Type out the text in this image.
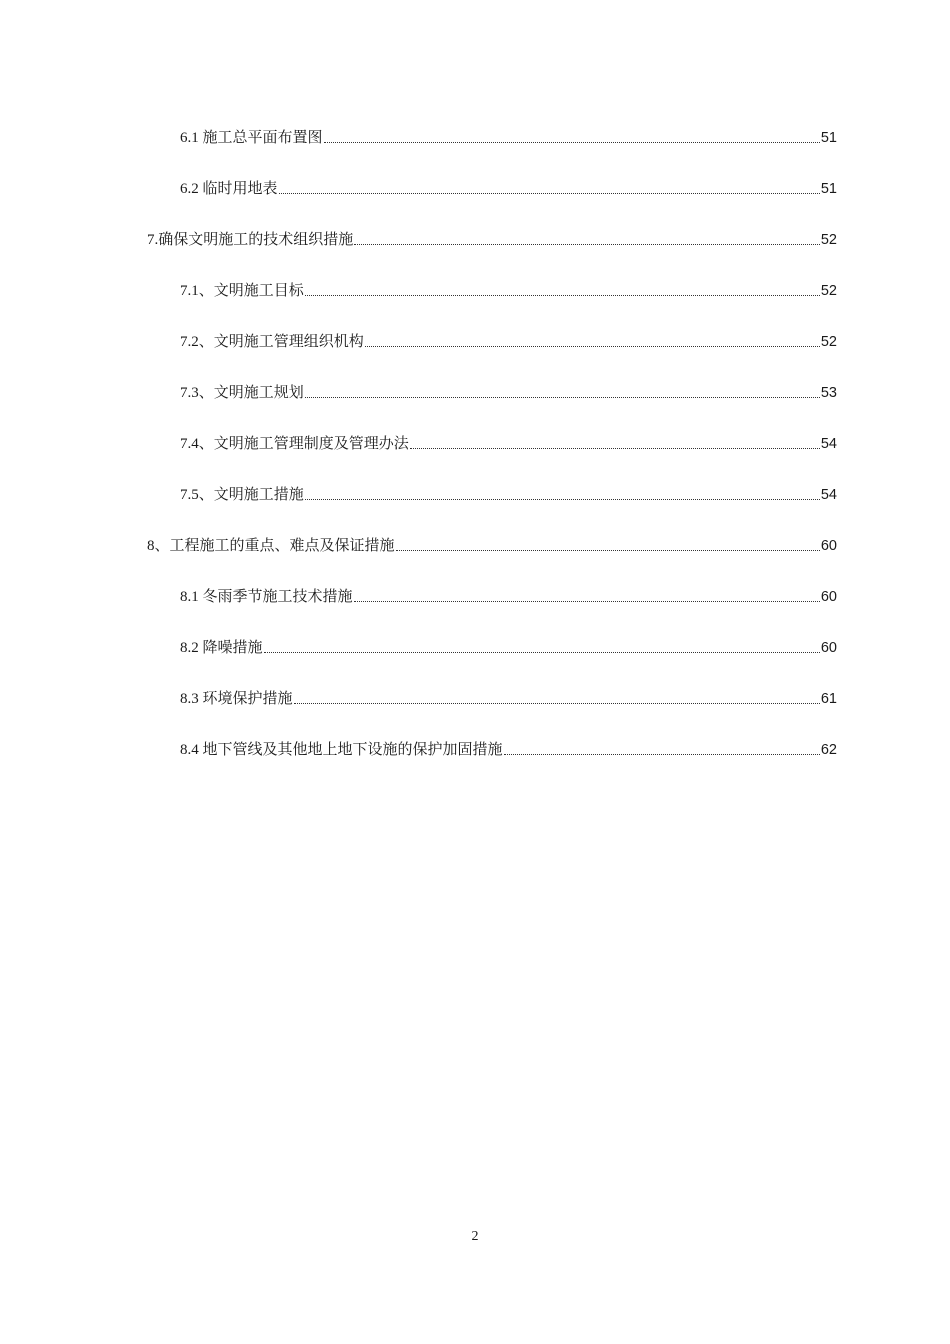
6.1 施工总平面布置图	51
6.2 临时用地表	51
7.确保文明施工的技术组织措施	52
7.1、文明施工目标	52
7.2、文明施工管理组织机构	52
7.3、文明施工规划	53
7.4、文明施工管理制度及管理办法	54
7.5、文明施工措施	54
8、工程施工的重点、难点及保证措施	60
8.1 冬雨季节施工技术措施	60
8.2 降噪措施	60
8.3 环境保护措施	61
8.4 地下管线及其他地上地下设施的保护加固措施	62
2
